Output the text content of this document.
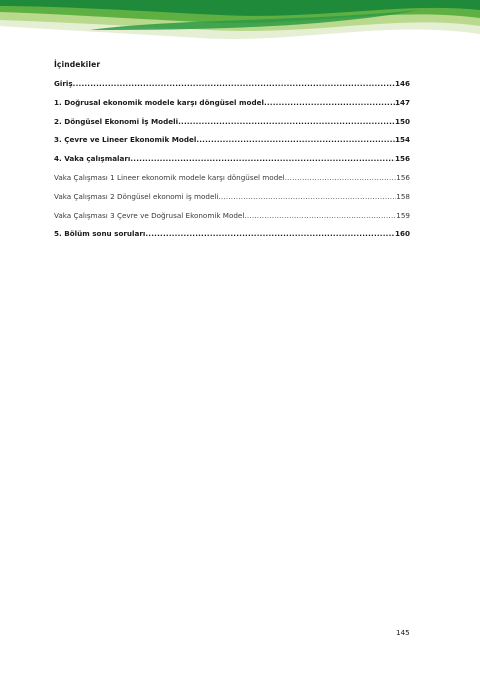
İçindekiler
Giriş .....	146
1. Doğrusal ekonomik modele karşı döngüsel model .....	147
2. Döngüsel Ekonomi İş Modeli .....	150
3. Çevre ve Lineer Ekonomik Model .....	154
4. Vaka çalışmaları .....	156
Vaka Çalışması 1 Lineer ekonomik modele karşı döngüsel model .....	156
Vaka Çalışması 2 Döngüsel ekonomi iş modeli .....	158
Vaka Çalışması 3 Çevre ve Doğrusal Ekonomik Model .....	159
5. Bölüm sonu soruları .....	160
145
